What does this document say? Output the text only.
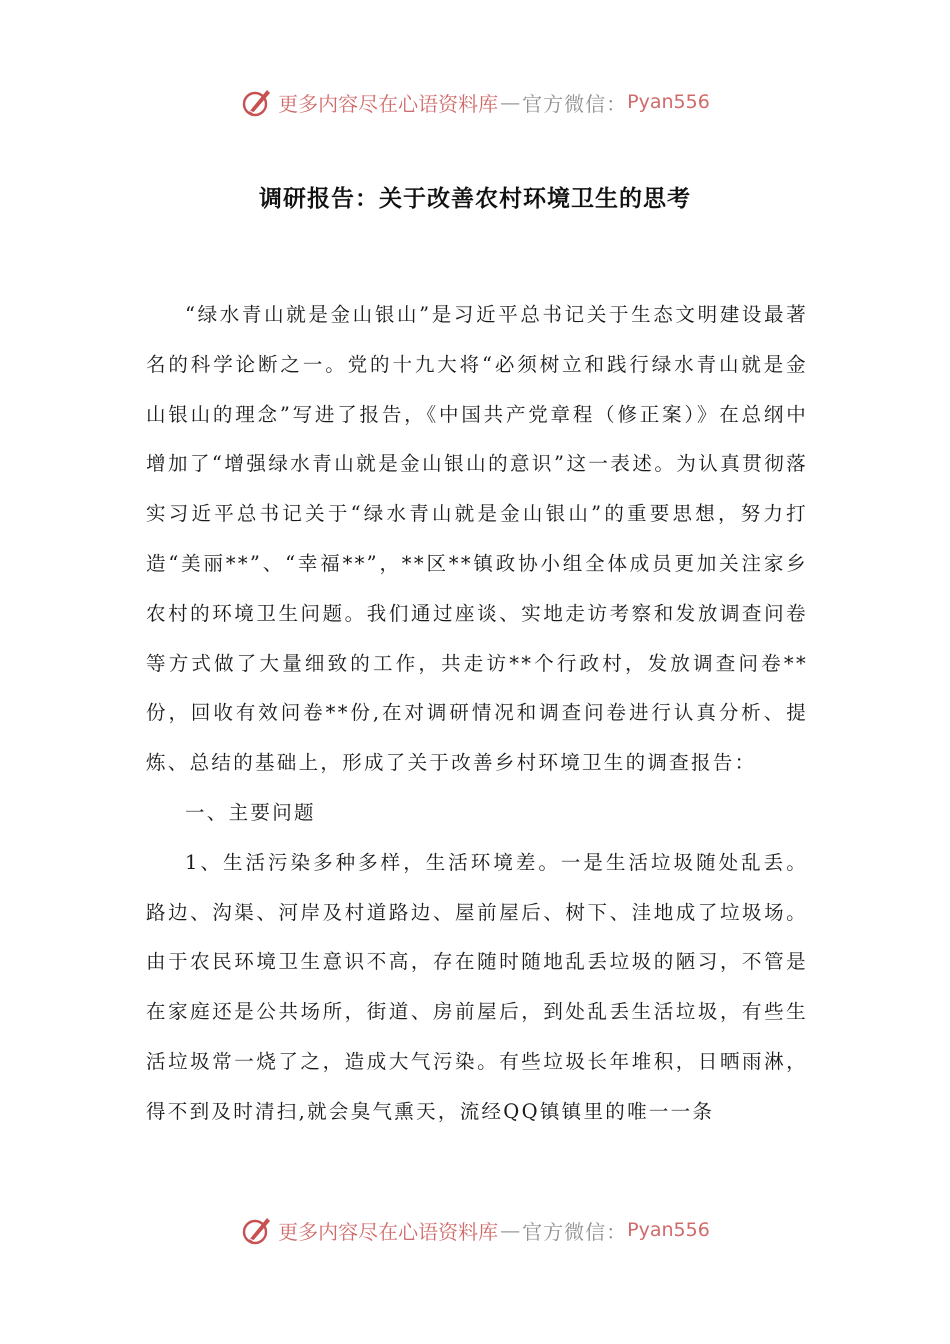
更多内容尽在心语资料库 — 官方微信： Pyan556
调研报告：关于改善农村环境卫生的思考

“绿水青山就是金山银山”是习近平总书记关于生态文明建设最著名的科学论断之一。党的十九大将“必须树立和践行绿水青山就是金山银山的理念”写进了报告，《中国共产党章程（修正案）》在总纲中增加了“增强绿水青山就是金山银山的意识”这一表述。为认真贯彻落实习近平总书记关于“绿水青山就是金山银山”的重要思想，努力打造“美丽**”、“幸福**”，**区**镇政协小组全体成员更加关注家乡农村的环境卫生问题。我们通过座谈、实地走访考察和发放调查问卷等方式做了大量细致的工作，共走访**个行政村，发放调查问卷**份，回收有效问卷**份,在对调研情况和调查问卷进行认真分析、提炼、总结的基础上，形成了关于改善乡村环境卫生的调查报告：

一、主要问题

1、生活污染多种多样，生活环境差。一是生活垃圾随处乱丢。路边、沟渠、河岸及村道路边、屋前屋后、树下、洼地成了垃圾场。由于农民环境卫生意识不高，存在随时随地乱丢垃圾的陋习，不管是在家庭还是公共场所，街道、房前屋后，到处乱丢生活垃圾，有些生活垃圾常一烧了之，造成大气污染。有些垃圾长年堆积，日晒雨淋，得不到及时清扫,就会臭气熏天，流经QQ镇镇里的唯一一条

更多内容尽在心语资料库 — 官方微信： Pyan556
